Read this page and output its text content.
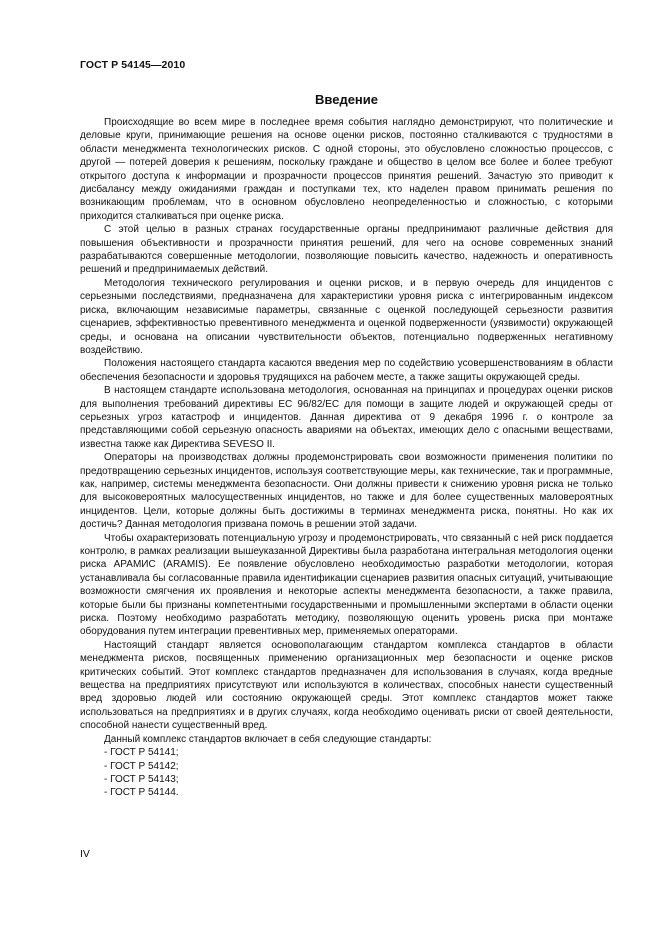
ГОСТ Р 54145—2010
Введение

Происходящие во всем мире в последнее время события наглядно демонстрируют, что политические и деловые круги, принимающие решения на основе оценки рисков, постоянно сталкиваются с трудностями в области менеджмента технологических рисков. С одной стороны, это обусловлено сложностью процессов, с другой — потерей доверия к решениям, поскольку граждане и общество в целом все более и более требуют открытого доступа к информации и прозрачности процессов принятия решений. Зачастую это приводит к дисбалансу между ожиданиями граждан и поступками тех, кто наделен правом принимать решения по возникающим проблемам, что в основном обусловлено неопределенностью и сложностью, с которыми приходится сталкиваться при оценке риска.

С этой целью в разных странах государственные органы предпринимают различные действия для повышения объективности и прозрачности принятия решений, для чего на основе современных знаний разрабатываются совершенные методологии, позволяющие повысить качество, надежность и оперативность решений и предпринимаемых действий.

Методология технического регулирования и оценки рисков, и в первую очередь для инцидентов с серьезными последствиями, предназначена для характеристики уровня риска с интегрированным индексом риска, включающим независимые параметры, связанные с оценкой последующей серьезности развития сценариев, эффективностью превентивного менеджмента и оценкой подверженности (уязвимости) окружающей среды, и основана на описании чувствительности объектов, потенциально подверженных негативному воздействию.

Положения настоящего стандарта касаются введения мер по содействию усовершенствованиям в области обеспечения безопасности и здоровья трудящихся на рабочем месте, а также защиты окружающей среды.

В настоящем стандарте использована методология, основанная на принципах и процедурах оценки рисков для выполнения требований директивы ЕС 96/82/ЕС для помощи в защите людей и окружающей среды от серьезных угроз катастроф и инцидентов. Данная директива от 9 декабря 1996 г. о контроле за представляющими собой серьезную опасность авариями на объектах, имеющих дело с опасными веществами, известна также как Директива SEVESO II.

Операторы на производствах должны продемонстрировать свои возможности применения политики по предотвращению серьезных инцидентов, используя соответствующие меры, как технические, так и программные, как, например, системы менеджмента безопасности. Они должны привести к снижению уровня риска не только для высоковероятных малосущественных инцидентов, но также и для более существенных маловероятных инцидентов. Цели, которые должны быть достижимы в терминах менеджмента риска, понятны. Но как их достичь? Данная методология призвана помочь в решении этой задачи.

Чтобы охарактеризовать потенциальную угрозу и продемонстрировать, что связанный с ней риск поддается контролю, в рамках реализации вышеуказанной Директивы была разработана интегральная методология оценки риска АРАМИС (ARAMIS). Ее появление обусловлено необходимостью разработки методологии, которая устанавливала бы согласованные правила идентификации сценариев развития опасных ситуаций, учитывающие возможности смягчения их проявления и некоторые аспекты менеджмента безопасности, а также правила, которые были бы признаны компетентными государственными и промышленными экспертами в области оценки риска. Поэтому необходимо разработать методику, позволяющую оценить уровень риска при монтаже оборудования путем интеграции превентивных мер, применяемых операторами.

Настоящий стандарт является основополагающим стандартом комплекса стандартов в области менеджмента рисков, посвященных применению организационных мер безопасности и оценке рисков критических событий. Этот комплекс стандартов предназначен для использования в случаях, когда вредные вещества на предприятиях присутствуют или используются в количествах, способных нанести существенный вред здоровью людей или состоянию окружающей среды. Этот комплекс стандартов может также использоваться на предприятиях и в других случаях, когда необходимо оценивать риски от своей деятельности, способной нанести существенный вред.

Данный комплекс стандартов включает в себя следующие стандарты:

- ГОСТ Р 54141;
- ГОСТ Р 54142;
- ГОСТ Р 54143;
- ГОСТ Р 54144.
IV
